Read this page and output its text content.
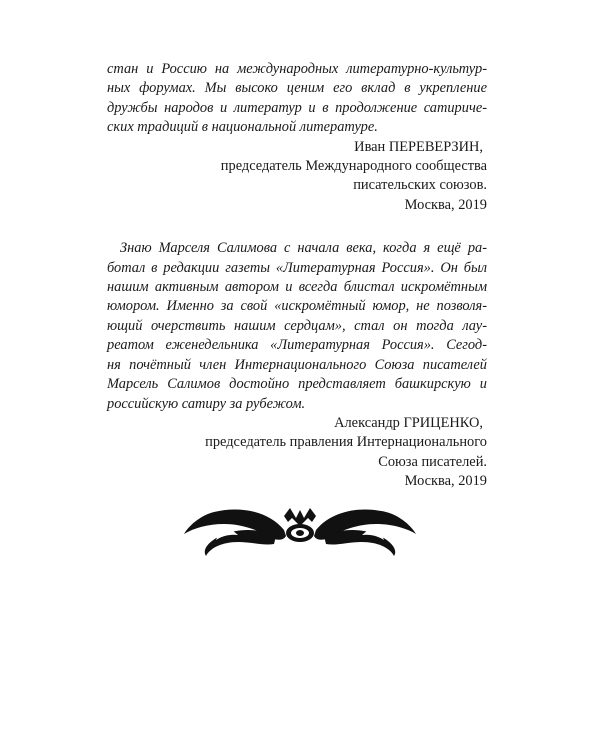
стан и Россию на международных литературно-культур-
ных форумах. Мы высоко ценим его вклад в укрепление
дружбы народов и литератур и в продолжение сатириче-
ских традиций в национальной литературе.

Иван ПЕРЕВЕРЗИН,
председатель Международного сообщества
писательских союзов.
Москва, 2019

Знаю Марселя Салимова с начала века, когда я ещё ра-
ботал в редакции газеты «Литературная Россия». Он был
нашим активным автором и всегда блистал искромётным
юмором. Именно за свой «искромётный юмор, не позволя-
ющий очерствить нашим сердцам», стал он тогда лау-
реатом еженедельника «Литературная Россия». Сегод-
ня почётный член Интернационального Союза писателей
Марсель Салимов достойно представляет башкирскую и
российскую сатиру за рубежом.

Александр ГРИЦЕНКО,
председатель правления Интернационального
Союза писателей.
Москва, 2019
